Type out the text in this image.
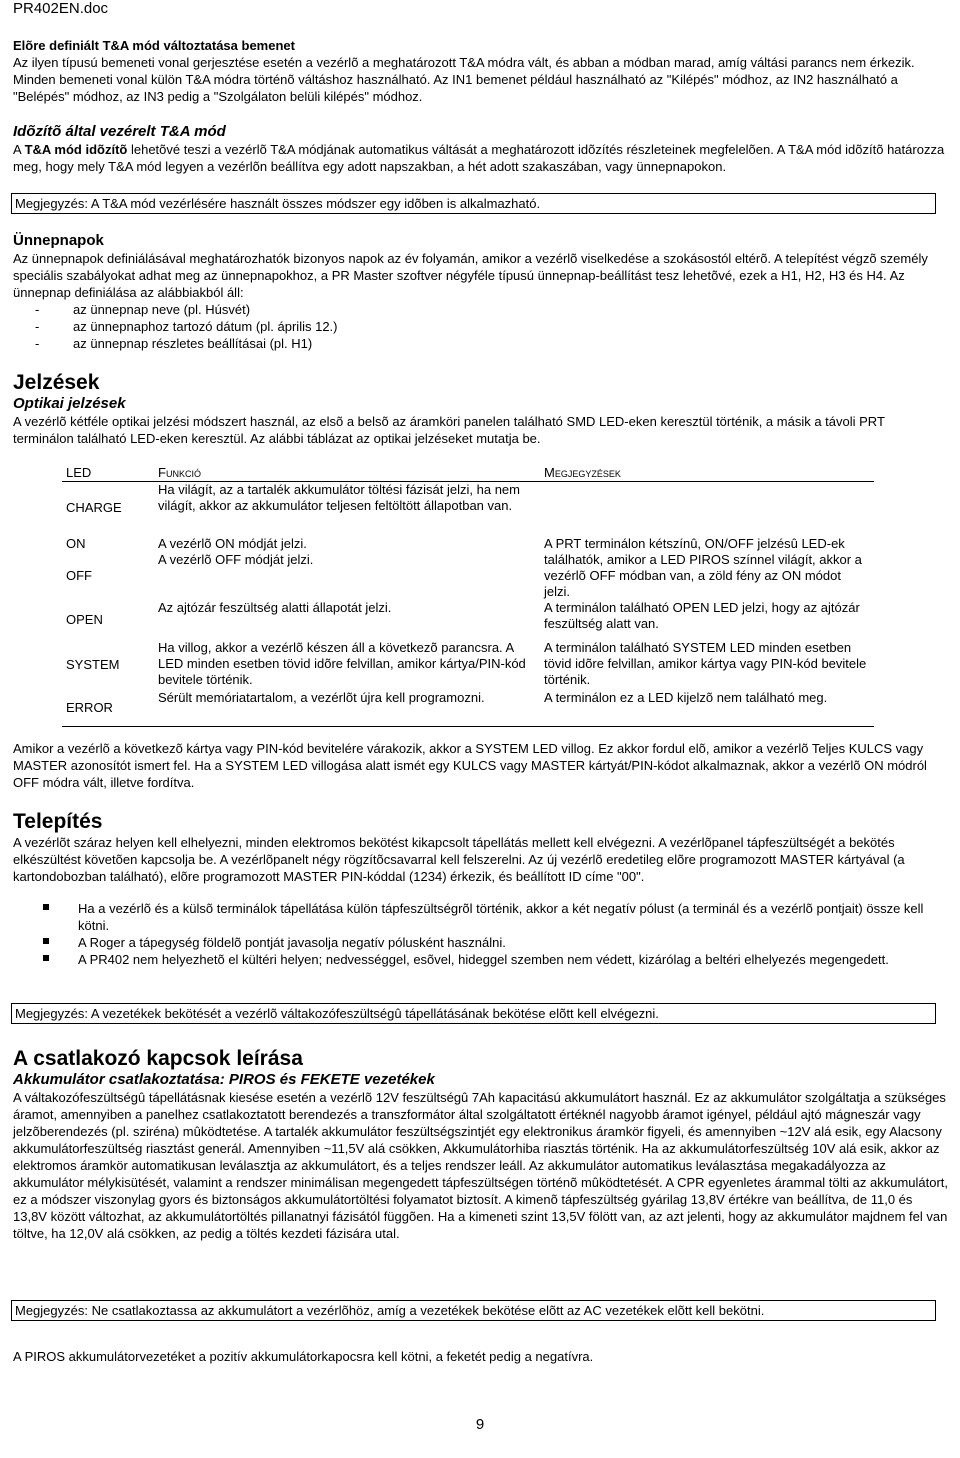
PR402EN.doc
Elõre definiált T&A mód változtatása bemenet

Az ilyen típusú bemeneti vonal gerjesztése esetén a vezérlõ a meghatározott T&A módra vált, és abban a módban marad, amíg váltási parancs nem érkezik. Minden bemeneti vonal külön T&A módra történõ váltáshoz használható. Az IN1 bemenet például használható az "Kilépés" módhoz, az IN2 használható a "Belépés" módhoz, az IN3 pedig a "Szolgálaton belüli kilépés" módhoz.

Idõzítõ által vezérelt T&A mód

A T&A mód idõzítõ lehetõvé teszi a vezérlõ T&A módjának automatikus váltását a meghatározott idõzítés részleteinek megfelelõen. A T&A mód idõzítõ határozza meg, hogy mely T&A mód legyen a vezérlõn beállítva egy adott napszakban, a hét adott szakaszában, vagy ünnepnapokon.

Megjegyzés: A T&A mód vezérlésére használt összes módszer egy idõben is alkalmazható.
Ünnepnapok

Az ünnepnapok definiálásával meghatározhatók bizonyos napok az év folyamán, amikor a vezérlõ viselkedése a szokásostól eltérõ. A telepítést végzõ személy speciális szabályokat adhat meg az ünnepnapokhoz, a PR Master szoftver négyféle típusú ünnepnap-beállítást tesz lehetõvé, ezek a H1, H2, H3 és H4. Az ünnepnap definiálása az alábbiakból áll:

- az ünnepnap neve (pl. Húsvét)
- az ünnepnaphoz tartozó dátum (pl. április 12.)
- az ünnepnap részletes beállításai (pl. H1)
Jelzések
Optikai jelzések

A vezérlõ kétféle optikai jelzési módszert használ, az elsõ a belsõ az áramköri panelen található SMD LED-eken keresztül történik, a másik a távoli PRT terminálon található LED-eken keresztül. Az alábbi táblázat az optikai jelzéseket mutatja be.

LED	Funkció	Megjegyzések
CHARGE	Ha világít, az a tartalék akkumulátor töltési fázisát jelzi, ha nem világít, akkor az akkumulátor teljesen feltöltött állapotban van.	
ON	A vezérlõ ON módját jelzi.	A PRT terminálon kétszínû, ON/OFF jelzésû LED-ek találhatók, amikor a LED PIROS színnel világít, akkor a vezérlõ OFF módban van, a zöld fény az ON módot jelzi.
OFF	A vezérlõ OFF módját jelzi.	
OPEN	Az ajtózár feszültség alatti állapotát jelzi.	A terminálon található OPEN LED jelzi, hogy az ajtózár feszültség alatt van.
SYSTEM	Ha villog, akkor a vezérlõ készen áll a következõ parancsra. A LED minden esetben tövid idõre felvillan, amikor kártya/PIN-kód bevitele történik.	A terminálon található SYSTEM LED minden esetben tövid idõre felvillan, amikor kártya vagy PIN-kód bevitele történik.
ERROR	Sérült memóriatartalom, a vezérlõt újra kell programozni.	A terminálon ez a LED kijelzõ nem található meg.

Amikor a vezérlõ a következõ kártya vagy PIN-kód bevitelére várakozik, akkor a SYSTEM LED villog. Ez akkor fordul elõ, amikor a vezérlõ Teljes KULCS vagy MASTER azonosítót ismert fel. Ha a SYSTEM LED villogása alatt ismét egy KULCS vagy MASTER kártyát/PIN-kódot alkalmaznak, akkor a vezérlõ ON módról OFF módra vált, illetve fordítva.

Telepítés

A vezérlõt száraz helyen kell elhelyezni, minden elektromos bekötést kikapcsolt tápellátás mellett kell elvégezni. A vezérlõpanel tápfeszültségét a bekötés elkészültést követõen kapcsolja be. A vezérlõpanelt négy rögzítõcsavarral kell felszerelni. Az új vezérlõ eredetileg elõre programozott MASTER kártyával (a kartondobozban található), elõre programozott MASTER PIN-kóddal (1234) érkezik, és beállított ID címe "00".

Ha a vezérlõ és a külsõ terminálok tápellátása külön tápfeszültségrõl történik, akkor a két negatív pólust (a terminál és a vezérlõ pontjait) össze kell kötni.
A Roger a tápegység földelõ pontját javasolja negatív pólusként használni.
A PR402 nem helyezhetõ el kültéri helyen; nedvességgel, esõvel, hideggel szemben nem védett, kizárólag a beltéri elhelyezés megengedett.
Megjegyzés: A vezetékek bekötését a vezérlõ váltakozófeszültségû tápellátásának bekötése elõtt kell elvégezni.
A csatlakozó kapcsok leírása
Akkumulátor csatlakoztatása: PIROS és FEKETE vezetékek

A váltakozófeszültségû tápellátásnak kiesése esetén a vezérlõ 12V feszültségû 7Ah kapacitású akkumulátort használ. Ez az akkumulátor szolgáltatja a szükséges áramot, amennyiben a panelhez csatlakoztatott berendezés a transzformátor által szolgáltatott értéknél nagyobb áramot igényel, például ajtó mágneszár vagy jelzõberendezés (pl. sziréna) mûködtetése. A tartalék akkumulátor feszültségszintjét egy elektronikus áramkör figyeli, és amennyiben ~12V alá esik, egy Alacsony akkumulátorfeszültség riasztást generál. Amennyiben ~11,5V alá csökken, Akkumulátorhiba riasztás történik. Ha az akkumulátorfeszültség 10V alá esik, akkor az elektromos áramkör automatikusan leválasztja az akkumulátort, és a teljes rendszer leáll. Az akkumulátor automatikus leválasztása megakadályozza az akkumulátor mélykisütését, valamint a rendszer minimálisan megengedett tápfeszültségen történõ mûködtetését. A CPR egyenletes árammal tölti az akkumulátort, ez a módszer viszonylag gyors és biztonságos akkumulátortöltési folyamatot biztosít. A kimenõ tápfeszültség gyárilag 13,8V értékre van beállítva, de 11,0 és 13,8V között változhat, az akkumulátortöltés pillanatnyi fázisától függõen. Ha a kimeneti szint 13,5V fölött van, az azt jelenti, hogy az akkumulátor majdnem fel van töltve, ha 12,0V alá csökken, az pedig a töltés kezdeti fázisára utal.

Megjegyzés: Ne csatlakoztassa az akkumulátort a vezérlõhöz, amíg a vezetékek bekötése elõtt az AC vezetékek elõtt kell bekötni.

A PIROS akkumulátorvezetéket a pozitív akkumulátorkapocsra kell kötni, a feketét pedig a negatívra.

9
